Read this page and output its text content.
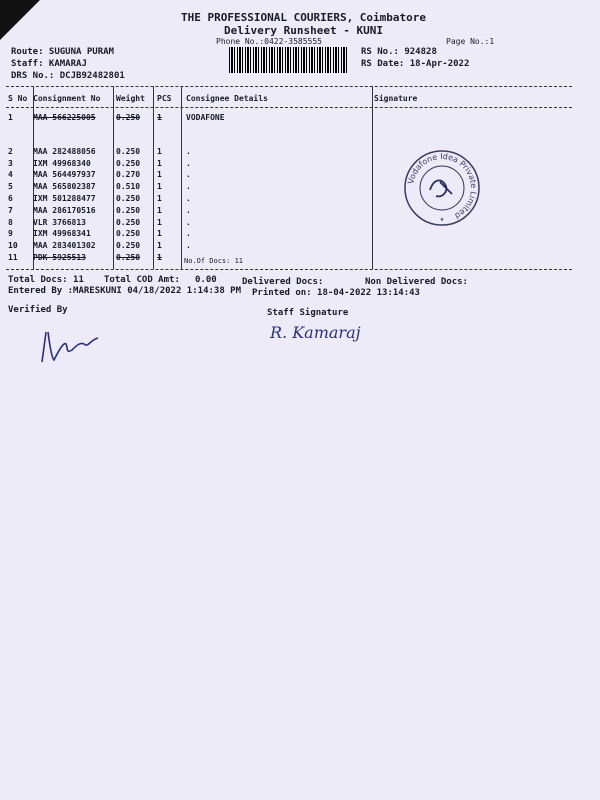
THE PROFESSIONAL COURIERS, Coimbatore
Delivery Runsheet - KUNI
Phone No.:0422-3585555	Page No.:1
Route: SUGUNA PURAM
Staff: KAMARAJ
DRS No.: DCJB92482801
RS No.: 924828
RS Date: 18-Apr-2022
S No Consignment No Weight PCS Consignee Details	Signature
1	MAA 566225005	0.250 1	VODAFONE
2	MAA 282488056	0.250 1	.
3	IXM 49968340	0.250 1	.
4	MAA 564497937	0.270 1	.
5	MAA 565802387	0.510 1	.
6	IXM 501288477	0.250 1	.
7	MAA 286170516	0.250 1	.
8	VLR 3766813	0.250 1	.
9	IXM 49968341	0.250 1	.
10 MAA 283401302	0.250 1	.
11 PDK 5925513	0.250 1	No.Of Docs: 11
Total Docs: 11 Total COD Amt: 0.00	Delivered Docs:	Non Delivered Docs:
Entered By :MARESKUNI 04/18/2022 1:14:38 PM Printed on: 18-04-2022 13:14:43
Verified By	Staff Signature
Vodafone Idea Private Limited
★
R. Kamaraj
